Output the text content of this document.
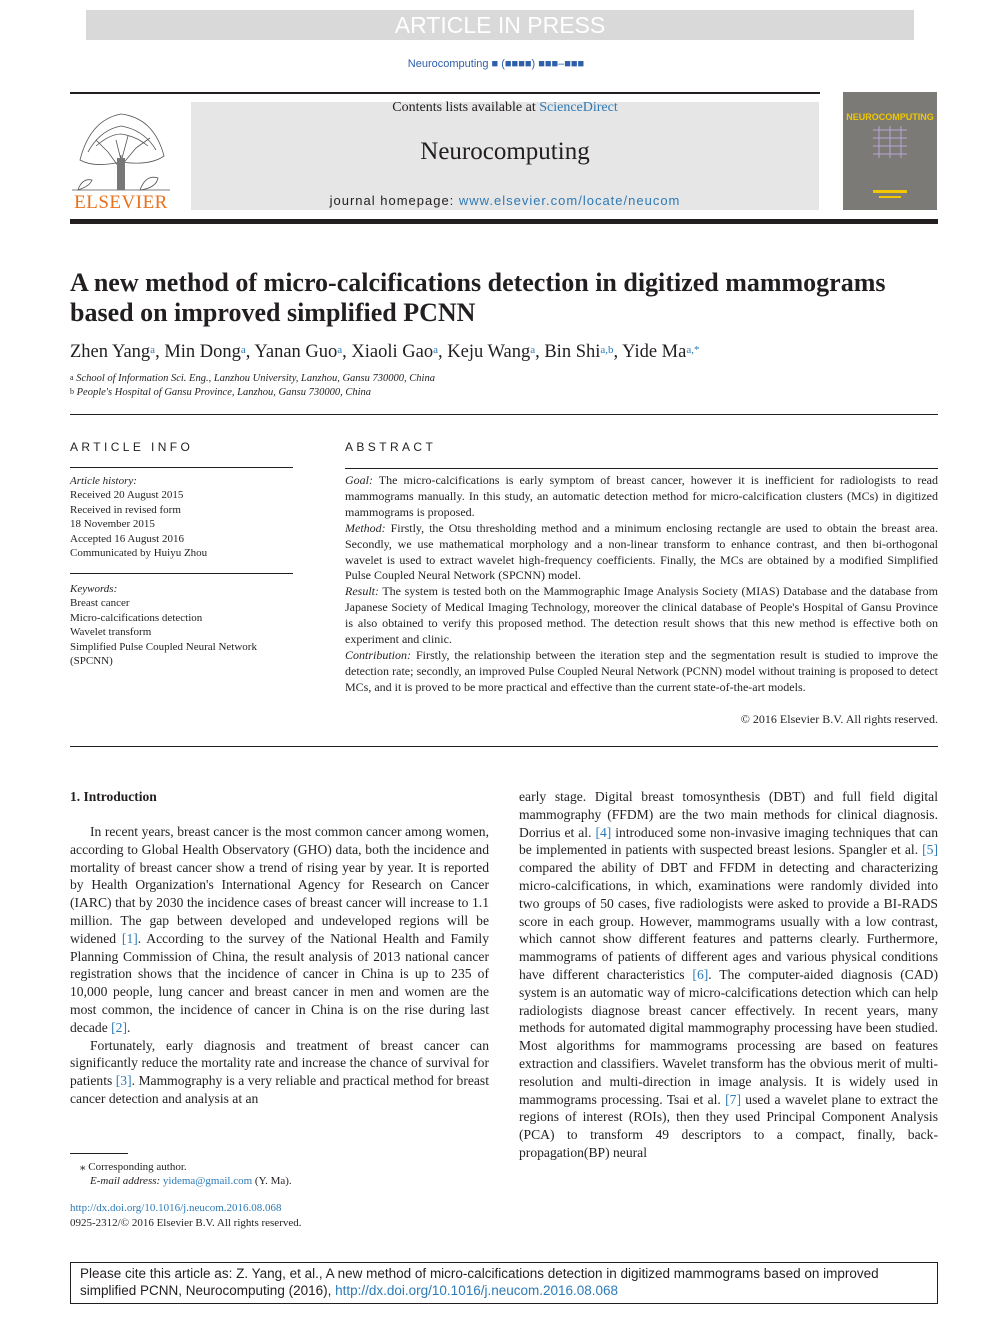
ARTICLE IN PRESS
Neurocomputing ■ (■■■■) ■■■–■■■
ELSEVIER
Contents lists available at ScienceDirect
Neurocomputing
journal homepage: www.elsevier.com/locate/neucom
NEUROCOMPUTING
A new method of micro-calcifications detection in digitized mammograms based on improved simplified PCNN
Zhen Yang$^a$, Min Dong$^a$, Yanan Guo$^a$, Xiaoli Gao$^a$, Keju Wang$^a$, Bin Shi$^{a,b}$, Yide $Ma^{a,*}$
$^a$ School of Information Sci. Eng., Lanzhou University, Lanzhou, Gansu 730000, China
$^b$ People's Hospital of Gansu Province, Lanzhou, Gansu 730000, China
ARTICLE INFO
Article history:
Received 20 August 2015
Received in revised form
18 November 2015
Accepted 16 August 2016
Communicated by Huiyu Zhou
Keywords:
Breast cancer
Micro-calcifications detection
Wavelet transform
Simplified Pulse Coupled Neural Network
(SPCNN)
ABSTRACT
Goal: The micro-calcifications is early symptom of breast cancer, however it is inefficient for radiologists to read mammograms manually. In this study, an automatic detection method for micro-calcification clusters (MCs) in digitized mammograms is proposed.
Method: Firstly, the Otsu thresholding method and a minimum enclosing rectangle are used to obtain the breast area. Secondly, we use mathematical morphology and a non-linear transform to enhance contrast, and then bi-orthogonal wavelet is used to extract wavelet high-frequency coefficients. Finally, the MCs are obtained by a modified Simplified Pulse Coupled Neural Network (SPCNN) model.
Result: The system is tested both on the Mammographic Image Analysis Society (MIAS) Database and the database from Japanese Society of Medical Imaging Technology, moreover the clinical database of People's Hospital of Gansu Province is also obtained to verify this proposed method. The detection result shows that this new method is effective both on experiment and clinic.
Contribution: Firstly, the relationship between the iteration step and the segmentation result is studied to improve the detection rate; secondly, an improved Pulse Coupled Neural Network (PCNN) model without training is proposed to detect MCs, and it is proved to be more practical and effective than the current state-of-the-art models.
© 2016 Elsevier B.V. All rights reserved.
1. Introduction

In recent years, breast cancer is the most common cancer among women, according to Global Health Observatory (GHO) data, both the incidence and mortality of breast cancer show a trend of rising year by year. It is reported by Health Organization's International Agency for Research on Cancer (IARC) that by 2030 the incidence cases of breast cancer will increase to 1.1 million. The gap between developed and undeveloped regions will be widened [1]. According to the survey of the National Health and Family Planning Commission of China, the result analysis of 2013 national cancer registration shows that the incidence of cancer in China is up to 235 of 10,000 people, lung cancer and breast cancer in men and women are the most common, the incidence of cancer in China is on the rise during last decade [2].

Fortunately, early diagnosis and treatment of breast cancer can significantly reduce the mortality rate and increase the chance of survival for patients [3]. Mammography is a very reliable and practical method for breast cancer detection and analysis at an

early stage. Digital breast tomosynthesis (DBT) and full field digital mammography (FFDM) are the two main methods for clinical diagnosis. Dorrius et al. [4] introduced some non-invasive imaging techniques that can be implemented in patients with suspected breast lesions. Spangler et al. [5] compared the ability of DBT and FFDM in detecting and characterizing micro-calcifications, in which, examinations were randomly divided into two groups of 50 cases, five radiologists were asked to provide a BI-RADS score in each group. However, mammograms usually with a low contrast, which cannot show different features and patterns clearly. Furthermore, mammograms of patients of different ages and various physical conditions have different characteristics [6]. The computer-aided diagnosis (CAD) system is an automatic way of micro-calcifications detection which can help radiologists diagnose breast cancer effectively. In recent years, many methods for automated digital mammography processing have been studied. Most algorithms for mammograms processing are based on features extraction and classifiers. Wavelet transform has the obvious merit of multi-resolution and multi-direction in image analysis. It is widely used in mammograms processing. Tsai et al. [7] used a wavelet plane to extract the regions of interest (ROIs), then they used Principal Component Analysis (PCA) to transform 49 descriptors to a compact, finally, back-propagation(BP) neural

⁎ Corresponding author.
E-mail address: yidema@gmail.com (Y. Ma).
http://dx.doi.org/10.1016/j.neucom.2016.08.068
0925-2312/© 2016 Elsevier B.V. All rights reserved.
Please cite this article as: Z. Yang, et al., A new method of micro-calcifications detection in digitized mammograms based on improved simplified PCNN, Neurocomputing (2016), http://dx.doi.org/10.1016/j.neucom.2016.08.068
